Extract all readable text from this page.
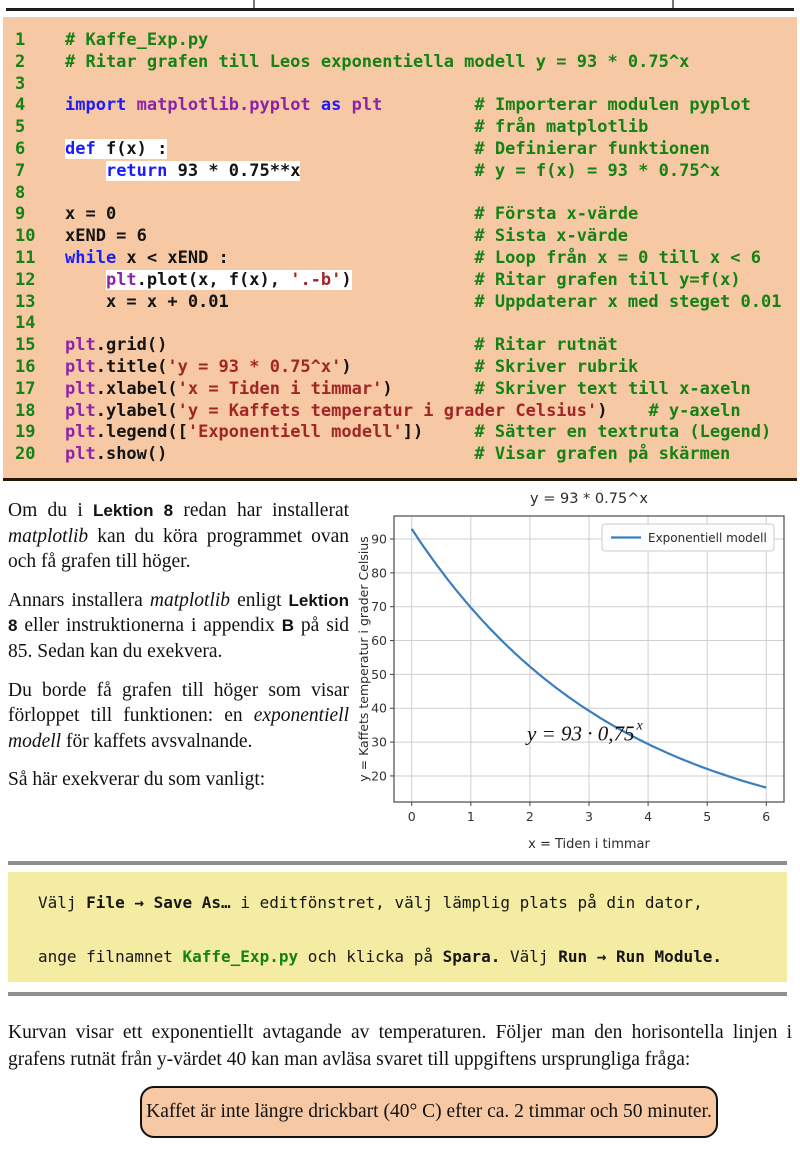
1 # Kaffe_Exp.py
2 # Ritar grafen till Leos exponentiella modell y = 93 * 0.75^x
3
4 import matplotlib.pyplot as plt	# Importerar modulen pyplot
5	# från matplotlib
6 def f(x) :	# Definierar funktionen
7	return 93 * 0.75**x	# y = f(x) = 93 * 0.75^x
8
9 x = 0	# Första x-värde
10 xEND = 6	# Sista x-värde
11 while x < xEND :	# Loop från x = 0 till x < 6
12	plt.plot(x, f(x), '.-b')	# Ritar grafen till y=f(x)
13    x = x + 0.01	# Uppdaterar x med steget 0.01
14
15 plt.grid()	# Ritar rutnät
16 plt.title('y = 93 * 0.75^x')	# Skriver rubrik
17 plt.xlabel('x = Tiden i timmar')	# Skriver text till x-axeln
18 plt.ylabel('y = Kaffets temperatur i grader Celsius') # y-axeln
19 plt.legend(['Exponentiell modell'])	# Sätter en textruta (Legend)
20 plt.show()	# Visar grafen på skärmen

Om du i Lektion 8 redan har installerat matplotlib kan du köra programmet ovan och få grafen till höger.

Annars installera matplotlib enligt Lektion 8 eller instruktionerna i appendix B på sid 85. Sedan kan du exekvera.

Du borde få grafen till höger som visar förloppet till funktionen: en exponentiell modell för kaffets avsvalnande.

Så här exekverar du som vanligt:

0	1	2	3	4	5	6
20
30
40
50
60
70
80
90
y = 93 * 0.75^x
x = Tiden i timmar
y = Kaffets temperatur i grader Celsius	Exponentiell modell
y = 93 · 0,75 $^x$
Välj File → Save As… i editfönstret, välj lämplig plats på din dator,
ange filnamnet Kaffe_Exp.py och klicka på Spara. Välj Run → Run Module.
Kurvan visar ett exponentiellt avtagande av temperaturen. Följer man den horisontella linjen i grafens rutnät från y-värdet 40 kan man avläsa svaret till uppgiftens ursprungliga fråga:
Kaffet är inte längre drickbart (40° C) efter ca. 2 timmar och 50 minuter.
